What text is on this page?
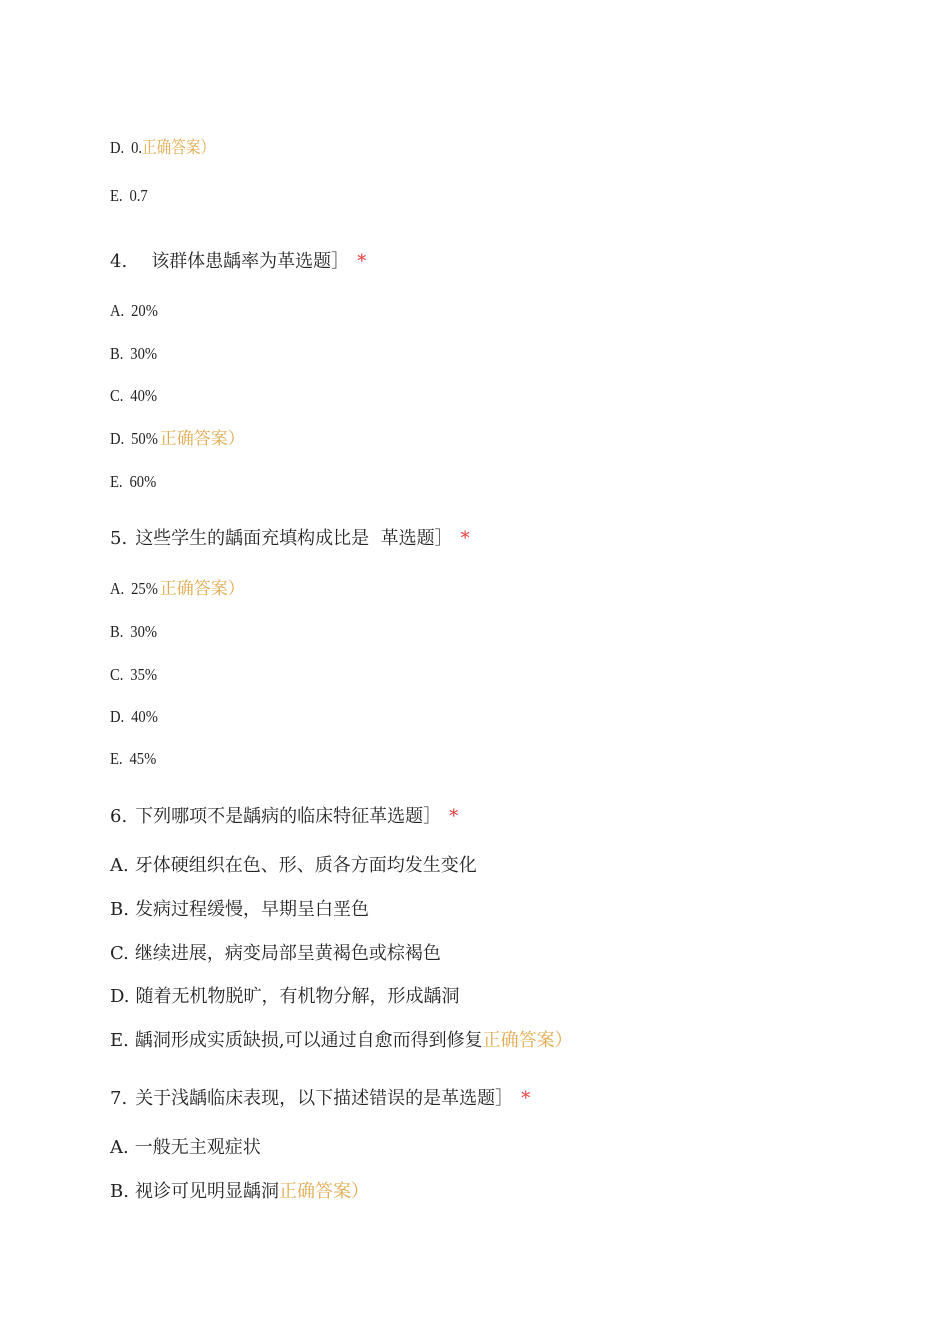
D. 0.正确答案）
E. 0.7
4. 该群体患龋率为革选题］ *
A. 20%
B. 30%
C. 40%
D. 50% 正确答案）
E. 60%
5. 这些学生的龋面充填构成比是  革选题］ *
A. 25% 正确答案）
B. 30%
C. 35%
D. 40%
E. 45%
6. 下列哪项不是龋病的临床特征革选题］ *
A. 牙体硬组织在色、形、质各方面均发生变化
B. 发病过程缓慢，早期呈白垩色
C. 继续进展，病变局部呈黄褐色或棕褐色
D. 随着无机物脱旷，有机物分解，形成龋洞
E. 龋洞形成实质缺损,可以通过自愈而得到修复正确答案）
7. 关于浅龋临床表现，以下描述错误的是革选题］ *
A. 一般无主观症状
B. 视诊可见明显龋洞正确答案）
